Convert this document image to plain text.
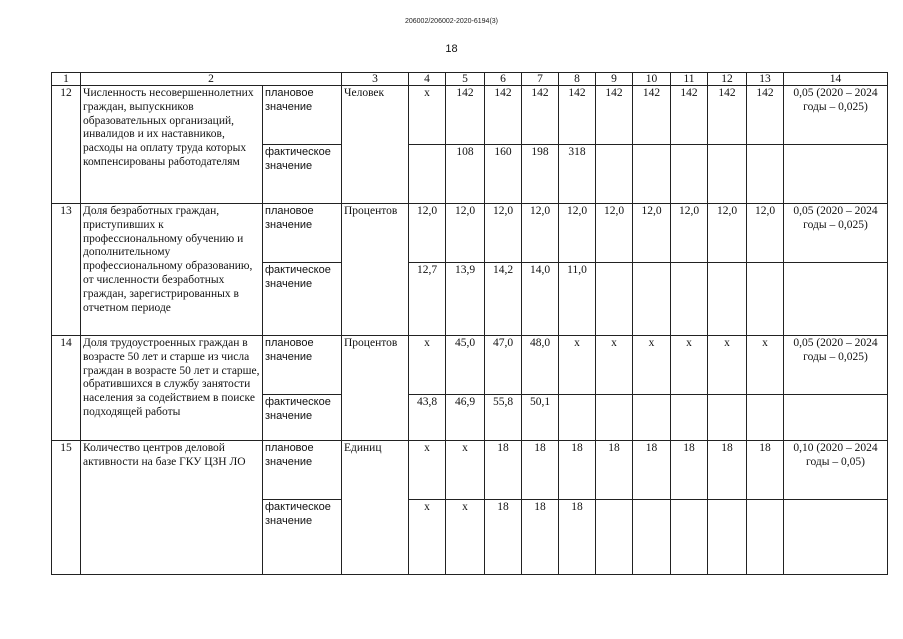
206002/206002-2020-6194(3)
18
1	2		3	4	5	6	7	8	9	10	11	12	13	14
12	Численность несовершеннолетних граждан, выпускников образовательных организаций, инвалидов и их наставников, расходы на оплату труда которых компенсированы работодателям	плановое значение	Человек	x	142	142	142	142	142	142	142	142	142	0,05 (2020 – 2024 годы – 0,025)
		фактическое значение			108	160	198	318						
13	Доля безработных граждан, приступивших к профессиональному обучению и дополнительному профессиональному образованию, от численности безработных граждан, зарегистрированных в отчетном периоде	плановое значение	Процентов	12,0	12,0	12,0	12,0	12,0	12,0	12,0	12,0	12,0	12,0	0,05 (2020 – 2024 годы – 0,025)
		фактическое значение		12,7	13,9	14,2	14,0	11,0						
14	Доля трудоустроенных граждан в возрасте 50 лет и старше из числа граждан в возрасте 50 лет и старше, обратившихся в службу занятости населения за содействием в поиске подходящей работы	плановое значение	Процентов	x	45,0	47,0	48,0	x	x	x	x	x	x	0,05 (2020 – 2024 годы – 0,025)
		фактическое значение		43,8	46,9	55,8	50,1							
15	Количество центров деловой активности на базе ГКУ ЦЗН ЛО	плановое значение	Единиц	x	x	18	18	18	18	18	18	18	18	0,10 (2020 – 2024 годы – 0,05)
		фактическое значение		x	x	18	18	18						
